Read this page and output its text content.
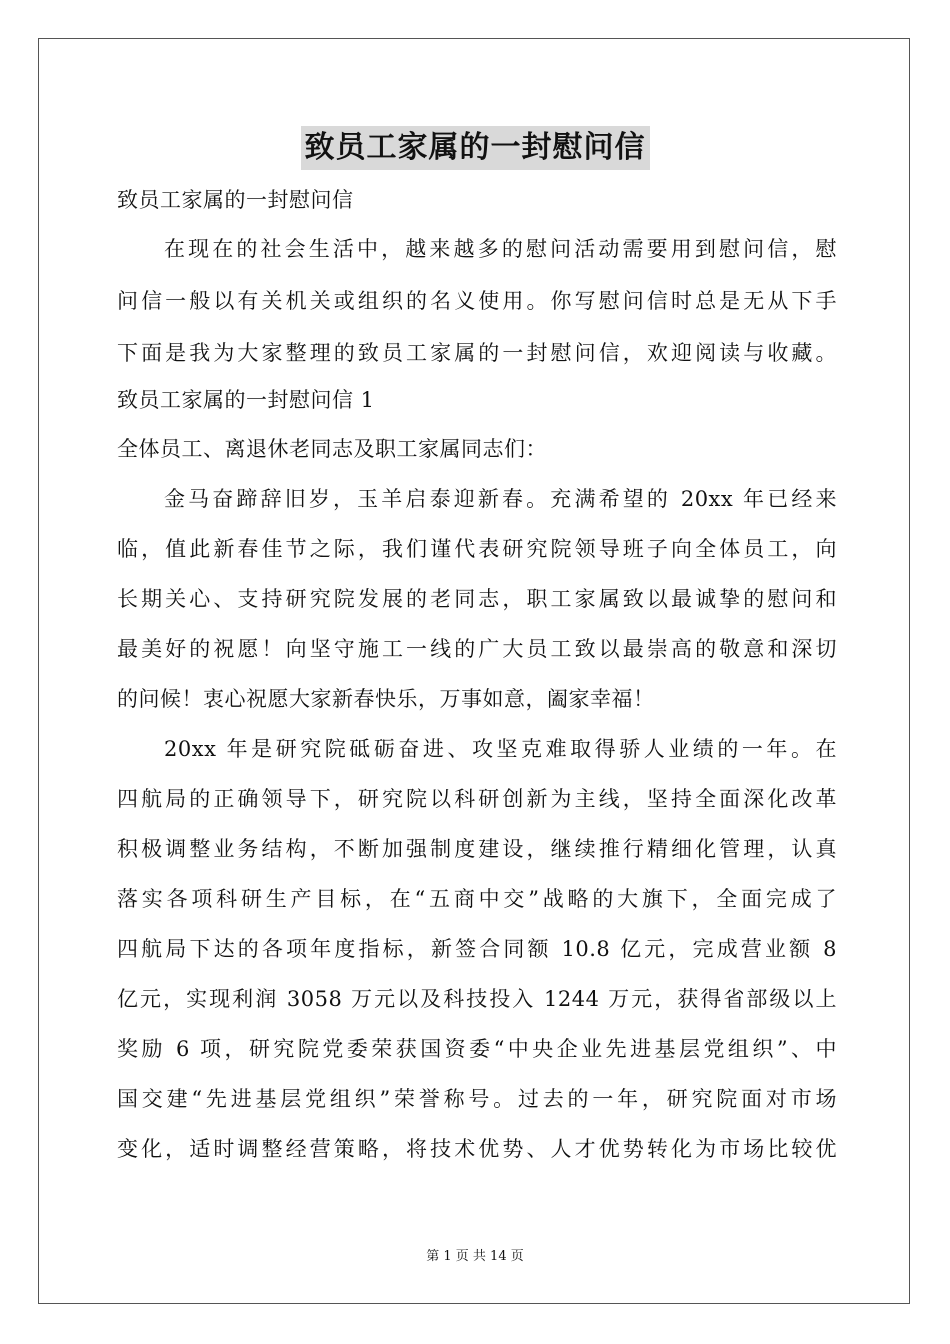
致员工家属的一封慰问信
致员工家属的一封慰问信
在现在的社会生活中，越来越多的慰问活动需要用到慰问信，慰
问信一般以有关机关或组织的名义使用。你写慰问信时总是无从下手
下面是我为大家整理的致员工家属的一封慰问信，欢迎阅读与收藏。
致员工家属的一封慰问信 1
全体员工、离退休老同志及职工家属同志们：
金马奋蹄辞旧岁，玉羊启泰迎新春。充满希望的 20xx 年已经来
临，值此新春佳节之际，我们谨代表研究院领导班子向全体员工，向
长期关心、支持研究院发展的老同志，职工家属致以最诚挚的慰问和
最美好的祝愿！向坚守施工一线的广大员工致以最崇高的敬意和深切
的问候！衷心祝愿大家新春快乐，万事如意，阖家幸福！
20xx 年是研究院砥砺奋进、攻坚克难取得骄人业绩的一年。在
四航局的正确领导下，研究院以科研创新为主线，坚持全面深化改革
积极调整业务结构，不断加强制度建设，继续推行精细化管理，认真
落实各项科研生产目标，在“五商中交”战略的大旗下，全面完成了
四航局下达的各项年度指标，新签合同额 10.8 亿元，完成营业额 8
亿元，实现利润 3058 万元以及科技投入 1244 万元，获得省部级以上
奖励 6 项，研究院党委荣获国资委“中央企业先进基层党组织”、中
国交建“先进基层党组织”荣誉称号。过去的一年，研究院面对市场
变化，适时调整经营策略，将技术优势、人才优势转化为市场比较优
第 1 页 共 14 页
